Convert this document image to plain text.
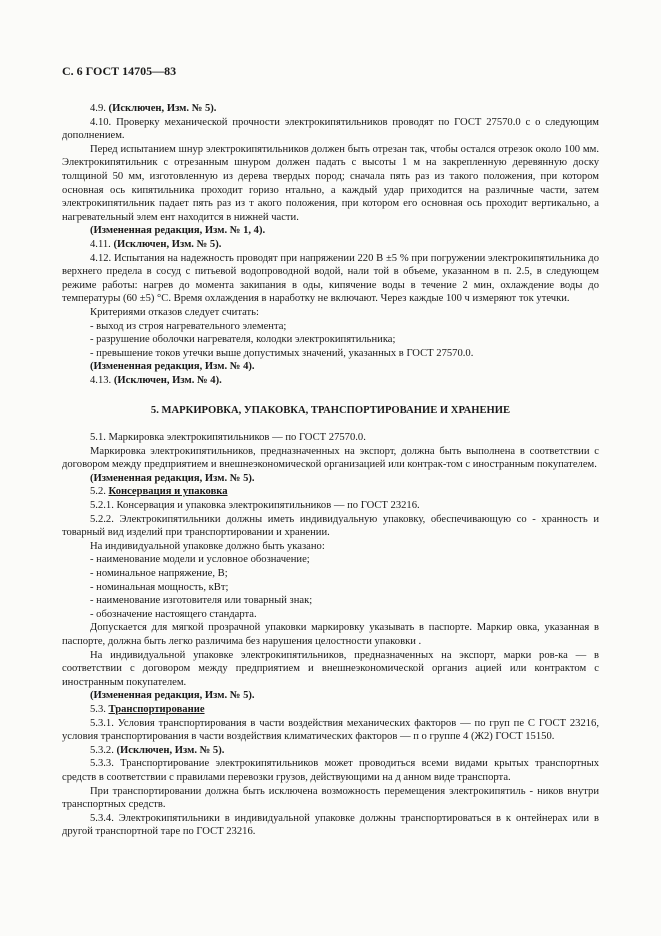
С. 6 ГОСТ 14705—83

4.9. (Исключен, Изм. № 5).

4.10. Проверку механической прочности электрокипятильников проводят по ГОСТ 27570.0 с о следующим дополнением.

Перед испытанием шнур электрокипятильников должен быть отрезан так, чтобы остался отрезок около 100 мм. Электрокипятильник с отрезанным шнуром должен падать с высоты 1 м на закрепленную деревянную доску толщиной 50 мм, изготовленную из дерева твердых пород; сначала пять раз из такого положения, при котором основная ось кипятильника проходит горизо нтально, а каждый удар приходится на различные части, затем электрокипятильник падает пять раз из т акого положения, при котором его основная ось проходит вертикально, а нагревательный элем ент находится в нижней части.

(Измененная редакция, Изм. № 1, 4).

4.11. (Исключен, Изм. № 5).

4.12. Испытания на надежность проводят при напряжении 220 В ±5 % при погружении электрокипятильника до верхнего предела в сосуд с питьевой водопроводной водой, нали той в объеме, указанном в п. 2.5, в следующем режиме работы: нагрев до момента закипания в оды, кипячение воды в течение 2 мин, охлаждение воды до температуры (60 ±5) °С. Время охлаждения в наработку не включают. Через каждые 100 ч измеряют ток утечки.

Критериями отказов следует считать:

- выход из строя нагревательного элемента;

- разрушение оболочки нагревателя, колодки электрокипятильника;

- превышение токов утечки выше допустимых значений, указанных в ГОСТ 27570.0.

(Измененная редакция, Изм. № 4).

4.13. (Исключен, Изм. № 4).

5. МАРКИРОВКА, УПАКОВКА, ТРАНСПОРТИРОВАНИЕ И ХРАНЕНИЕ

5.1. Маркировка электрокипятильников — по ГОСТ 27570.0.

Маркировка электрокипятильников, предназначенных на экспорт, должна быть выполнена в соответствии с договором между предприятием и внешнеэкономической организацией или контрак-том с иностранным покупателем.

(Измененная редакция, Изм. № 5).

5.2. Консервация и упаковка

5.2.1. Консервация и упаковка электрокипятильников — по ГОСТ 23216.

5.2.2. Электрокипятильники должны иметь индивидуальную упаковку, обеспечивающую со - хранность и товарный вид изделий при транспортировании и хранении.

На индивидуальной упаковке должно быть указано:

- наименование модели и условное обозначение;

- номинальное напряжение, В;

- номинальная мощность, кВт;

- наименование изготовителя или товарный знак;

- обозначение настоящего стандарта.

Допускается для мягкой прозрачной упаковки маркировку указывать в паспорте. Маркир овка, указанная в паспорте, должна быть легко различима без нарушения целостности упаковки .

На индивидуальной упаковке электрокипятильников, предназначенных на экспорт, марки ров-ка — в соответствии с договором между предприятием и внешнеэкономической организ ацией или контрактом с иностранным покупателем.

(Измененная редакция, Изм. № 5).

5.3. Транспортирование

5.3.1. Условия транспортирования в части воздействия механических факторов — по груп пе С ГОСТ 23216, условия транспортирования в части воздействия климатических факторов — п о группе 4 (Ж2) ГОСТ 15150.

5.3.2. (Исключен, Изм. № 5).

5.3.3. Транспортирование электрокипятильников может проводиться всеми видами крытых транспортных средств в соответствии с правилами перевозки грузов, действующими на д анном виде транспорта.

При транспортировании должна быть исключена возможность перемещения электрокипятиль - ников внутри транспортных средств.

5.3.4. Электрокипятильники в индивидуальной упаковке должны транспортироваться в к онтейнерах или в другой транспортной таре по ГОСТ 23216.
